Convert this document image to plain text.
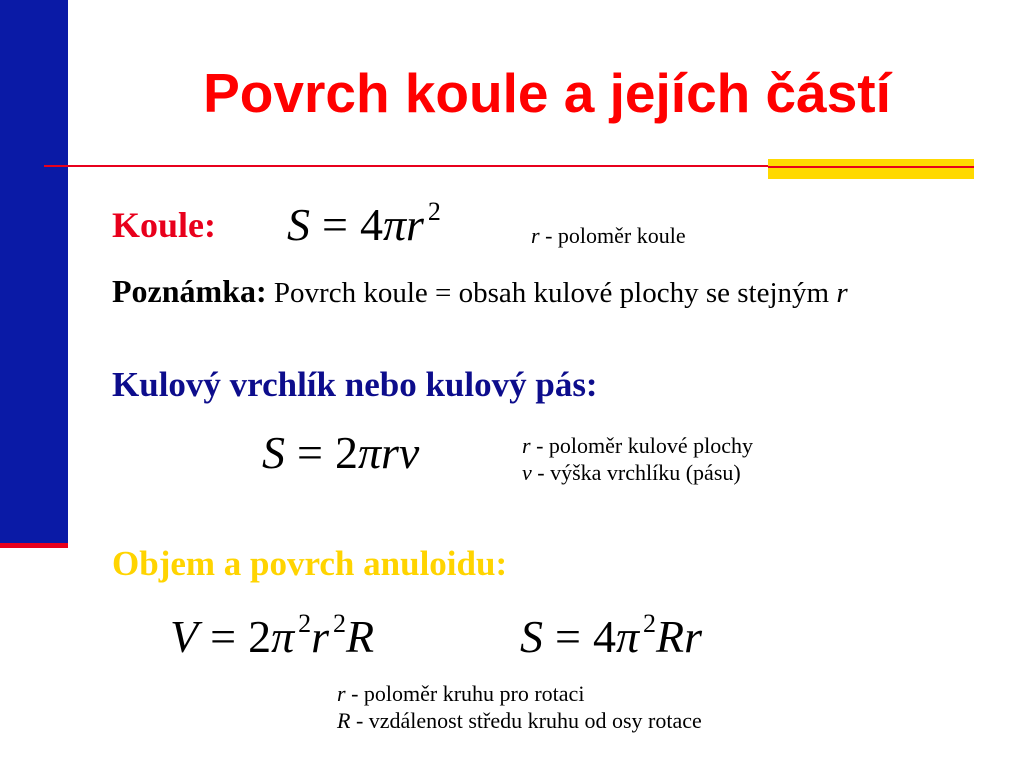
Povrch koule a jejích částí
Koule: S = 4πr $^2$
r - poloměr koule
Poznámka: Povrch koule = obsah kulové plochy se stejným r
Kulový vrchlík nebo kulový pás:
S = 2πrv	r - poloměr kulové plochy
v - výška vrchlíku (pásu)
Objem a povrch anuloidu:
V = 2π $^2$r $^2$R	S = 4π $^2$Rr
r - poloměr kruhu pro rotaci
R - vzdálenost středu kruhu od osy rotace
